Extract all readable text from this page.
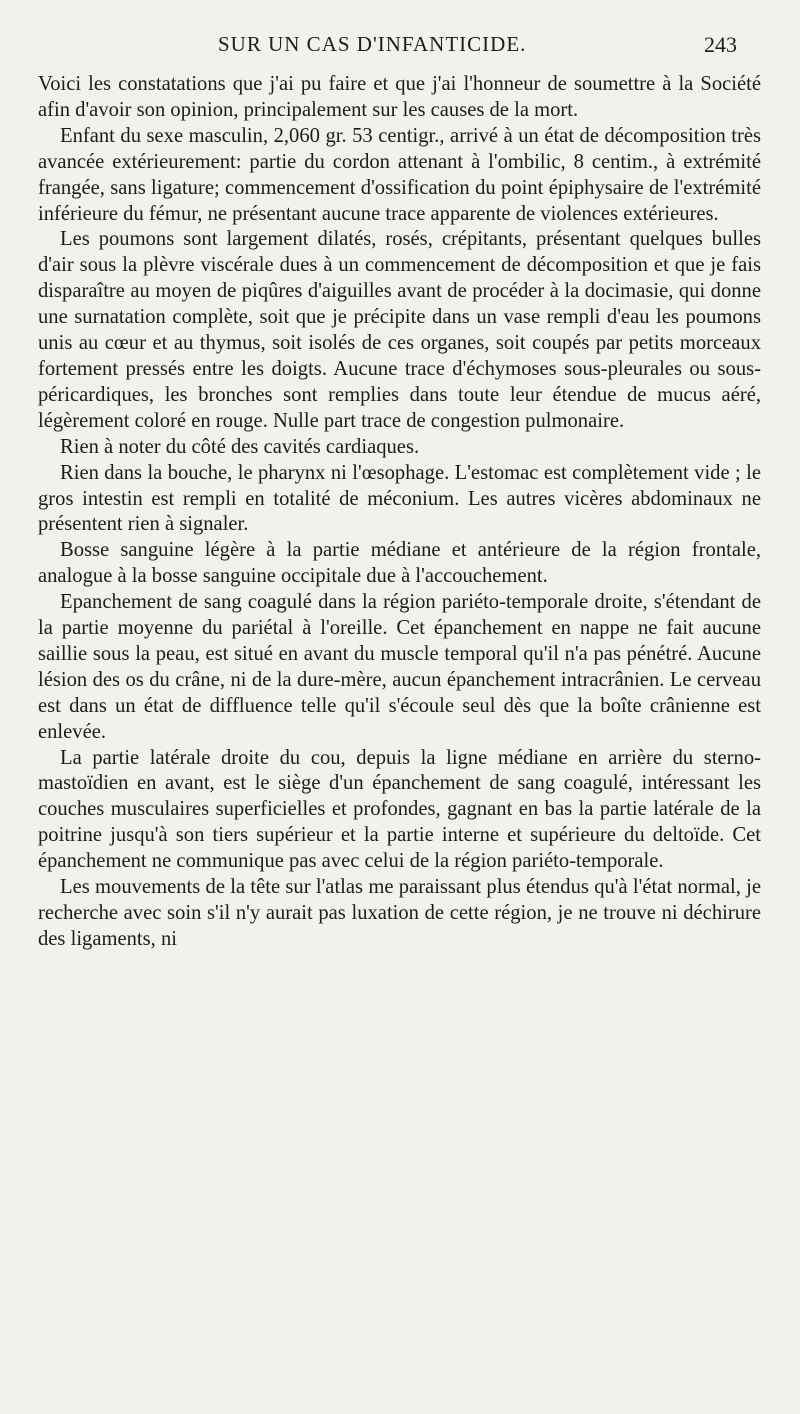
SUR UN CAS D'INFANTICIDE.	243

Voici les constatations que j'ai pu faire et que j'ai l'honneur de soumettre à la Société afin d'avoir son opinion, principalement sur les causes de la mort.

Enfant du sexe masculin, 2,060 gr. 53 centigr., arrivé à un état de décomposition très avancée extérieurement: partie du cordon attenant à l'ombilic, 8 centim., à extrémité frangée, sans ligature; commencement d'ossification du point épiphysaire de l'extrémité inférieure du fémur, ne présentant aucune trace apparente de violences extérieures.

Les poumons sont largement dilatés, rosés, crépitants, présentant quelques bulles d'air sous la plèvre viscérale dues à un commencement de décomposition et que je fais disparaître au moyen de piqûres d'aiguilles avant de procéder à la docimasie, qui donne une surnatation complète, soit que je précipite dans un vase rempli d'eau les poumons unis au cœur et au thymus, soit isolés de ces organes, soit coupés par petits morceaux fortement pressés entre les doigts. Aucune trace d'échymoses sous-pleurales ou sous-péricardiques, les bronches sont remplies dans toute leur étendue de mucus aéré, légèrement coloré en rouge. Nulle part trace de congestion pulmonaire.

Rien à noter du côté des cavités cardiaques.

Rien dans la bouche, le pharynx ni l'œsophage. L'estomac est complètement vide ; le gros intestin est rempli en totalité de méconium. Les autres vicères abdominaux ne présentent rien à signaler.

Bosse sanguine légère à la partie médiane et antérieure de la région frontale, analogue à la bosse sanguine occipitale due à l'accouchement.

Epanchement de sang coagulé dans la région pariéto-temporale droite, s'étendant de la partie moyenne du pariétal à l'oreille. Cet épanchement en nappe ne fait aucune saillie sous la peau, est situé en avant du muscle temporal qu'il n'a pas pénétré. Aucune lésion des os du crâne, ni de la dure-mère, aucun épanchement intracrânien. Le cerveau est dans un état de diffluence telle qu'il s'écoule seul dès que la boîte crânienne est enlevée.

La partie latérale droite du cou, depuis la ligne médiane en arrière du sterno-mastoïdien en avant, est le siège d'un épanchement de sang coagulé, intéressant les couches musculaires superficielles et profondes, gagnant en bas la partie latérale de la poitrine jusqu'à son tiers supérieur et la partie interne et supérieure du deltoïde. Cet épanchement ne communique pas avec celui de la région pariéto-temporale.

Les mouvements de la tête sur l'atlas me paraissant plus étendus qu'à l'état normal, je recherche avec soin s'il n'y aurait pas luxation de cette région, je ne trouve ni déchirure des ligaments, ni
